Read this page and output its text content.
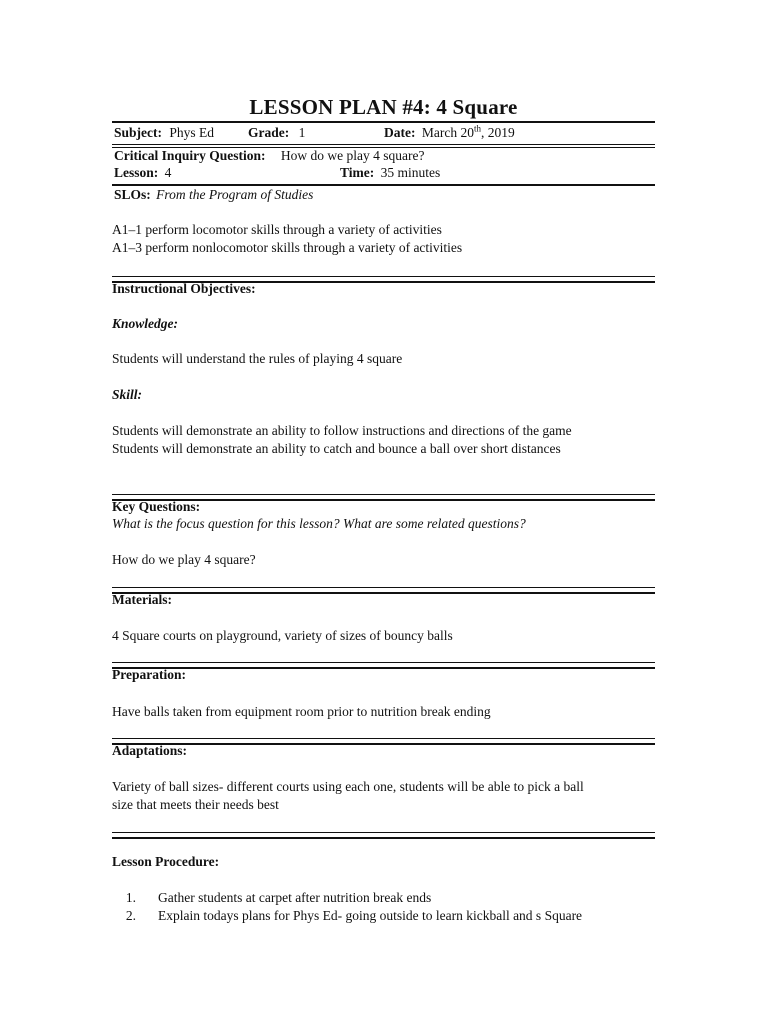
LESSON PLAN #4: 4 Square
Subject: Phys Ed	Grade: 1	Date: March 20th, 2019
Critical Inquiry Question: How do we play 4 square?
Lesson: 4	Time: 35 minutes
SLOs: From the Program of Studies
A1–1 perform locomotor skills through a variety of activities
A1–3 perform nonlocomotor skills through a variety of activities
Instructional Objectives:
Knowledge:
Students will understand the rules of playing 4 square
Skill:
Students will demonstrate an ability to follow instructions and directions of the game
Students will demonstrate an ability to catch and bounce a ball over short distances
Key Questions:
What is the focus question for this lesson? What are some related questions?
How do we play 4 square?
Materials:
4 Square courts on playground, variety of sizes of bouncy balls
Preparation:
Have balls taken from equipment room prior to nutrition break ending
Adaptations:
Variety of ball sizes- different courts using each one, students will be able to pick a ball
size that meets their needs best
Lesson Procedure:
1. Gather students at carpet after nutrition break ends
2. Explain todays plans for Phys Ed- going outside to learn kickball and s Square
